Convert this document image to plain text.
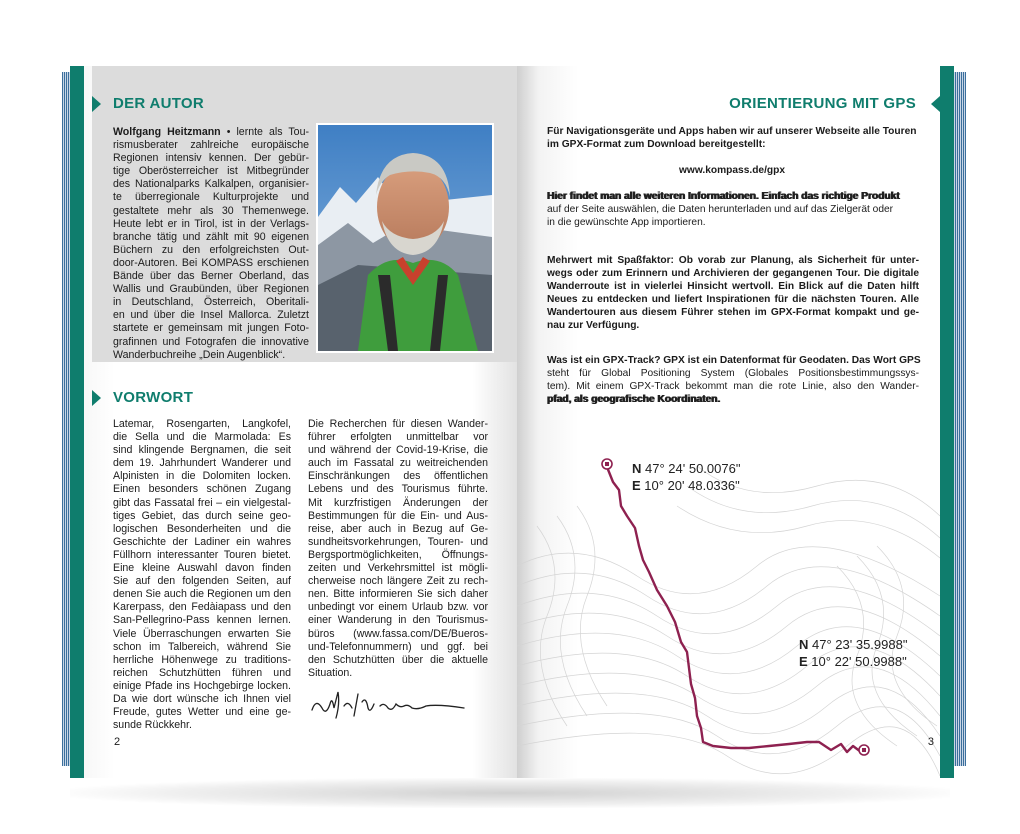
DER AUTOR
Wolfgang Heitzmann • lernte als Tou-
rismusberater zahlreiche europäische
Regionen intensiv kennen. Der gebür-
tige Oberösterreicher ist Mitbegründer
des Nationalparks Kalkalpen, organisier-
te überregionale Kulturprojekte und
gestaltete mehr als 30 Themenwege.
Heute lebt er in Tirol, ist in der Verlags-
branche tätig und zählt mit 90 eigenen
Büchern zu den erfolgreichsten Out-
door-Autoren. Bei KOMPASS erschienen
Bände über das Berner Oberland, das
Wallis und Graubünden, über Regionen
in Deutschland, Österreich, Oberitali-
en und über die Insel Mallorca. Zuletzt
startete er gemeinsam mit jungen Foto-
grafinnen und Fotografen die innovative
Wanderbuchreihe „Dein Augenblick“.
VORWORT
Latemar, Rosengarten, Langkofel,
die Sella und die Marmolada: Es
sind klingende Bergnamen, die seit
dem 19. Jahrhundert Wanderer und
Alpinisten in die Dolomiten locken.
Einen besonders schönen Zugang
gibt das Fassatal frei – ein vielgestal-
tiges Gebiet, das durch seine geo-
logischen Besonderheiten und die
Geschichte der Ladiner ein wahres
Füllhorn interessanter Touren bietet.
Eine kleine Auswahl davon finden
Sie auf den folgenden Seiten, auf
denen Sie auch die Regionen um den
Karerpass, den Fedàiapass und den
San-Pellegrino-Pass kennen lernen.
Viele Überraschungen erwarten Sie
schon im Talbereich, während Sie
herrliche Höhenwege zu traditions-
reichen Schutzhütten führen und
einige Pfade ins Hochgebirge locken.
Da wie dort wünsche ich Ihnen viel
Freude, gutes Wetter und eine ge-
sunde Rückkehr.
Die Recherchen für diesen Wander-
führer erfolgten unmittelbar vor
und während der Covid-19-Krise, die
auch im Fassatal zu weitreichenden
Einschränkungen des öffentlichen
Lebens und des Tourismus führte.
Mit kurzfristigen Änderungen der
Bestimmungen für die Ein- und Aus-
reise, aber auch in Bezug auf Ge-
sundheitsvorkehrungen, Touren- und
Bergsportmöglichkeiten, Öffnungs-
zeiten und Verkehrsmittel ist mögli-
cherweise noch längere Zeit zu rech-
nen. Bitte informieren Sie sich daher
unbedingt vor einem Urlaub bzw. vor
einer Wanderung in den Tourismus-
büros (www.fassa.com/DE/Bueros-
und-Telefonnummern) und ggf. bei
den Schutzhütten über die aktuelle
Situation.
2
ORIENTIERUNG MIT GPS
Für Navigationsgeräte und Apps haben wir auf unserer Webseite alle Touren
im GPX-Format zum Download bereitgestellt:
www.kompass.de/gpx
Hier findet man alle weiteren Informationen. Einfach das richtige Produkt
auf der Seite auswählen, die Daten herunterladen und auf das Zielgerät oder
in die gewünschte App importieren.
Mehrwert mit Spaßfaktor: Ob vorab zur Planung, als Sicherheit für unter-
wegs oder zum Erinnern und Archivieren der gegangenen Tour. Die digitale
Wanderroute ist in vielerlei Hinsicht wertvoll. Ein Blick auf die Daten hilft
Neues zu entdecken und liefert Inspirationen für die nächsten Touren. Alle
Wandertouren aus diesem Führer stehen im GPX-Format kompakt und ge-
nau zur Verfügung.
Was ist ein GPX-Track? GPX ist ein Datenformat für Geodaten. Das Wort GPS
steht für Global Positioning System (Globales Positionsbestimmungssys-
tem). Mit einem GPX-Track bekommt man die rote Linie, also den Wander-
pfad, als geografische Koordinaten.
N 47° 24' 50.0076"
E 10° 20' 48.0336"
N 47° 23' 35.9988"
E 10° 22' 50.9988"
3
